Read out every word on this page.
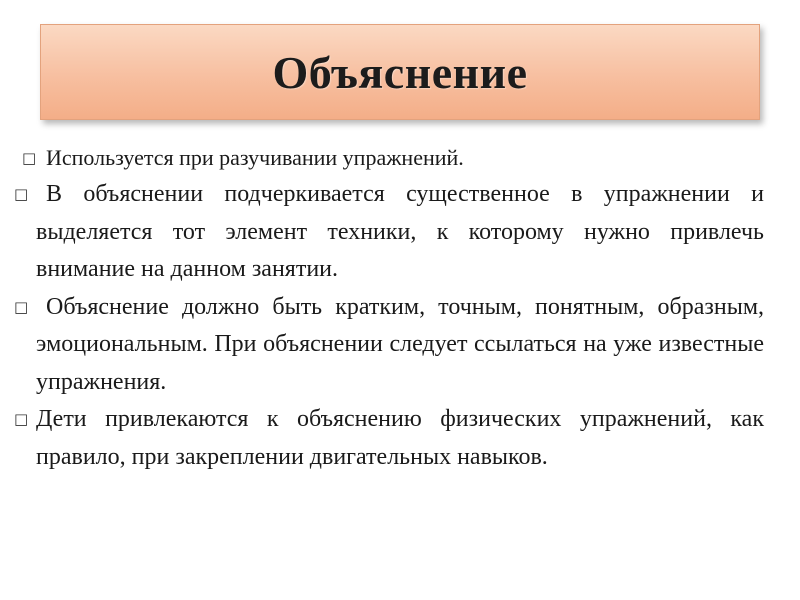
Объяснение
□ Используется при разучивании упражнений.
□ В объяснении подчеркивается существенное в упражнении и выделяется тот элемент техники, к которому нужно привлечь внимание на данном занятии.
□ Объяснение должно быть кратким, точным, понятным, образным, эмоциональным. При объяснении следует ссылаться на уже известные упражнения.
□ Дети привлекаются к объяснению физических упражнений, как правило, при закреплении двигательных навыков.
